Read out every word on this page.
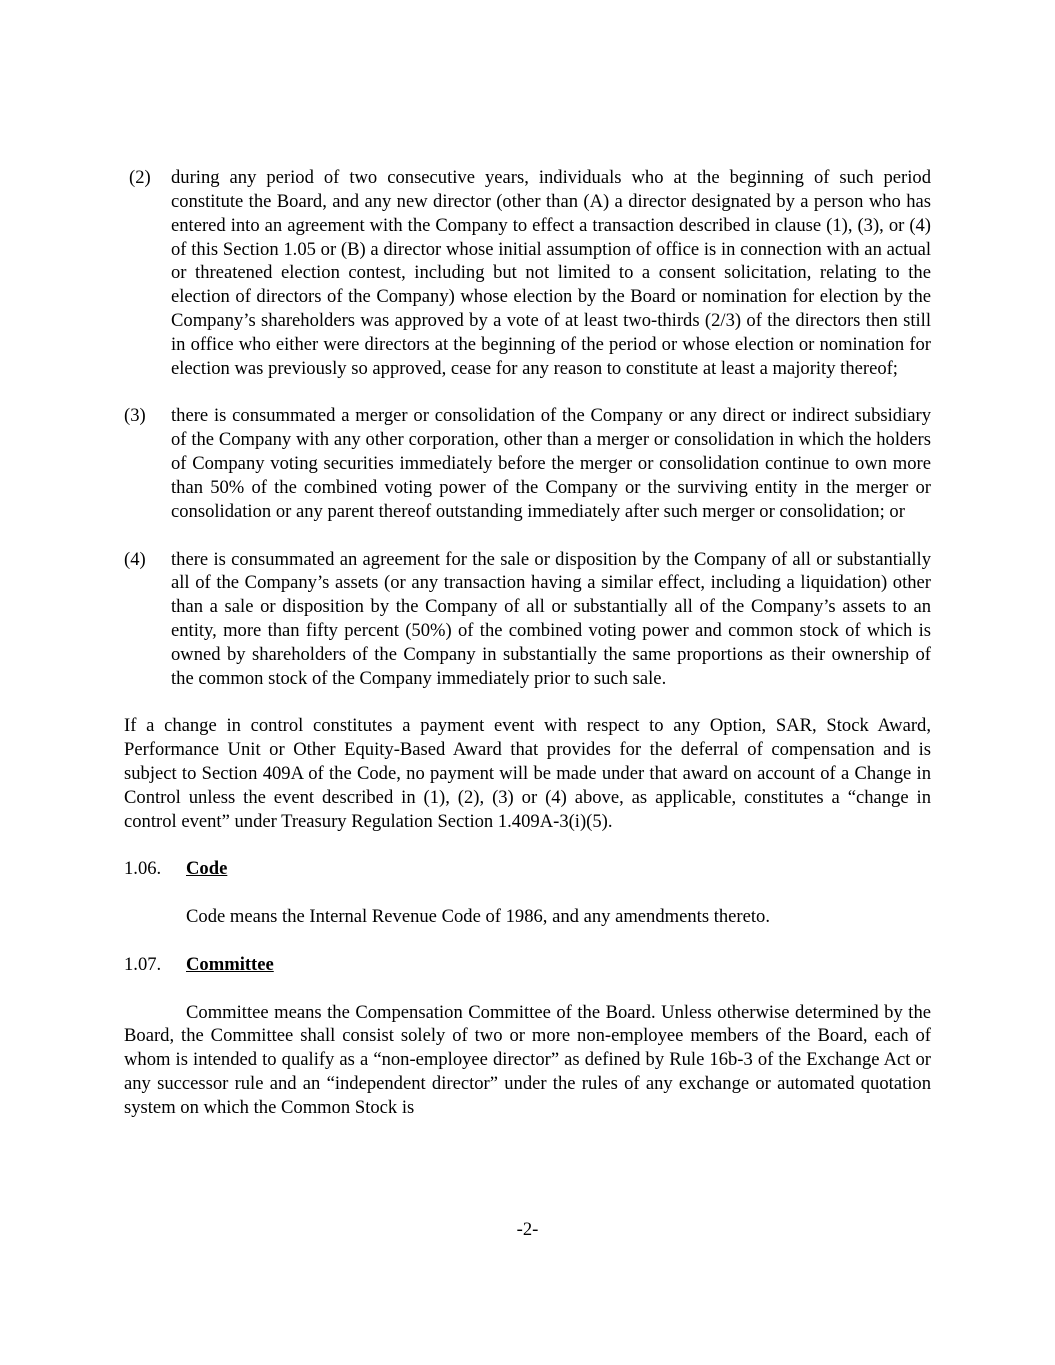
(2) during any period of two consecutive years, individuals who at the beginning of such period constitute the Board, and any new director (other than (A) a director designated by a person who has entered into an agreement with the Company to effect a transaction described in clause (1), (3), or (4) of this Section 1.05 or (B) a director whose initial assumption of office is in connection with an actual or threatened election contest, including but not limited to a consent solicitation, relating to the election of directors of the Company) whose election by the Board or nomination for election by the Company’s shareholders was approved by a vote of at least two-thirds (2/3) of the directors then still in office who either were directors at the beginning of the period or whose election or nomination for election was previously so approved, cease for any reason to constitute at least a majority thereof;
(3) there is consummated a merger or consolidation of the Company or any direct or indirect subsidiary of the Company with any other corporation, other than a merger or consolidation in which the holders of Company voting securities immediately before the merger or consolidation continue to own more than 50% of the combined voting power of the Company or the surviving entity in the merger or consolidation or any parent thereof outstanding immediately after such merger or consolidation; or
(4) there is consummated an agreement for the sale or disposition by the Company of all or substantially all of the Company’s assets (or any transaction having a similar effect, including a liquidation) other than a sale or disposition by the Company of all or substantially all of the Company’s assets to an entity, more than fifty percent (50%) of the combined voting power and common stock of which is owned by shareholders of the Company in substantially the same proportions as their ownership of the common stock of the Company immediately prior to such sale.

If a change in control constitutes a payment event with respect to any Option, SAR, Stock Award, Performance Unit or Other Equity-Based Award that provides for the deferral of compensation and is subject to Section 409A of the Code, no payment will be made under that award on account of a Change in Control unless the event described in (1), (2), (3) or (4) above, as applicable, constitutes a “change in control event” under Treasury Regulation Section 1.409A-3(i)(5).

1.06. Code

Code means the Internal Revenue Code of 1986, and any amendments thereto.

1.07. Committee

Committee means the Compensation Committee of the Board. Unless otherwise determined by the Board, the Committee shall consist solely of two or more non-employee members of the Board, each of whom is intended to qualify as a “non-employee director” as defined by Rule 16b-3 of the Exchange Act or any successor rule and an “independent director” under the rules of any exchange or automated quotation system on which the Common Stock is

-2-
